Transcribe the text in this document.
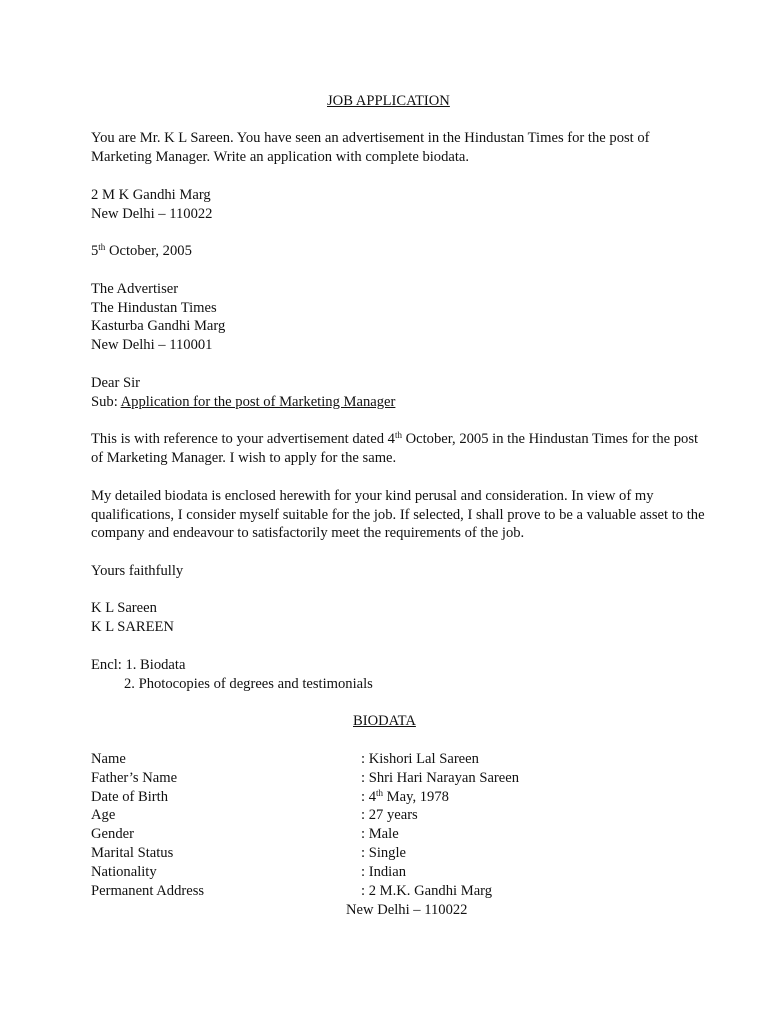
JOB APPLICATION
You are Mr. K L Sareen. You have seen an advertisement in the Hindustan Times for the post of
Marketing Manager. Write an application with complete biodata.
2 M K Gandhi Marg
New Delhi – 110022
5th October, 2005
The Advertiser
The Hindustan Times
Kasturba Gandhi Marg
New Delhi – 110001
Dear Sir
Sub: Application for the post of Marketing Manager
This is with reference to your advertisement dated 4th October, 2005 in the Hindustan Times for the post
of Marketing Manager. I wish to apply for the same.
My detailed biodata is enclosed herewith for your kind perusal and consideration. In view of my
qualifications, I consider myself suitable for the job. If selected, I shall prove to be a valuable asset to the
company and endeavour to satisfactorily meet the requirements of the job.
Yours faithfully
K L Sareen
K L SAREEN
Encl: 1. Biodata
2. Photocopies of degrees and testimonials
BIODATA
Name	: Kishori Lal Sareen
Father’s Name	: Shri Hari Narayan Sareen
Date of Birth	: 4th May, 1978
Age	: 27 years
Gender	: Male
Marital Status	: Single
Nationality	: Indian
Permanent Address	: 2 M.K. Gandhi Marg
New Delhi – 110022
